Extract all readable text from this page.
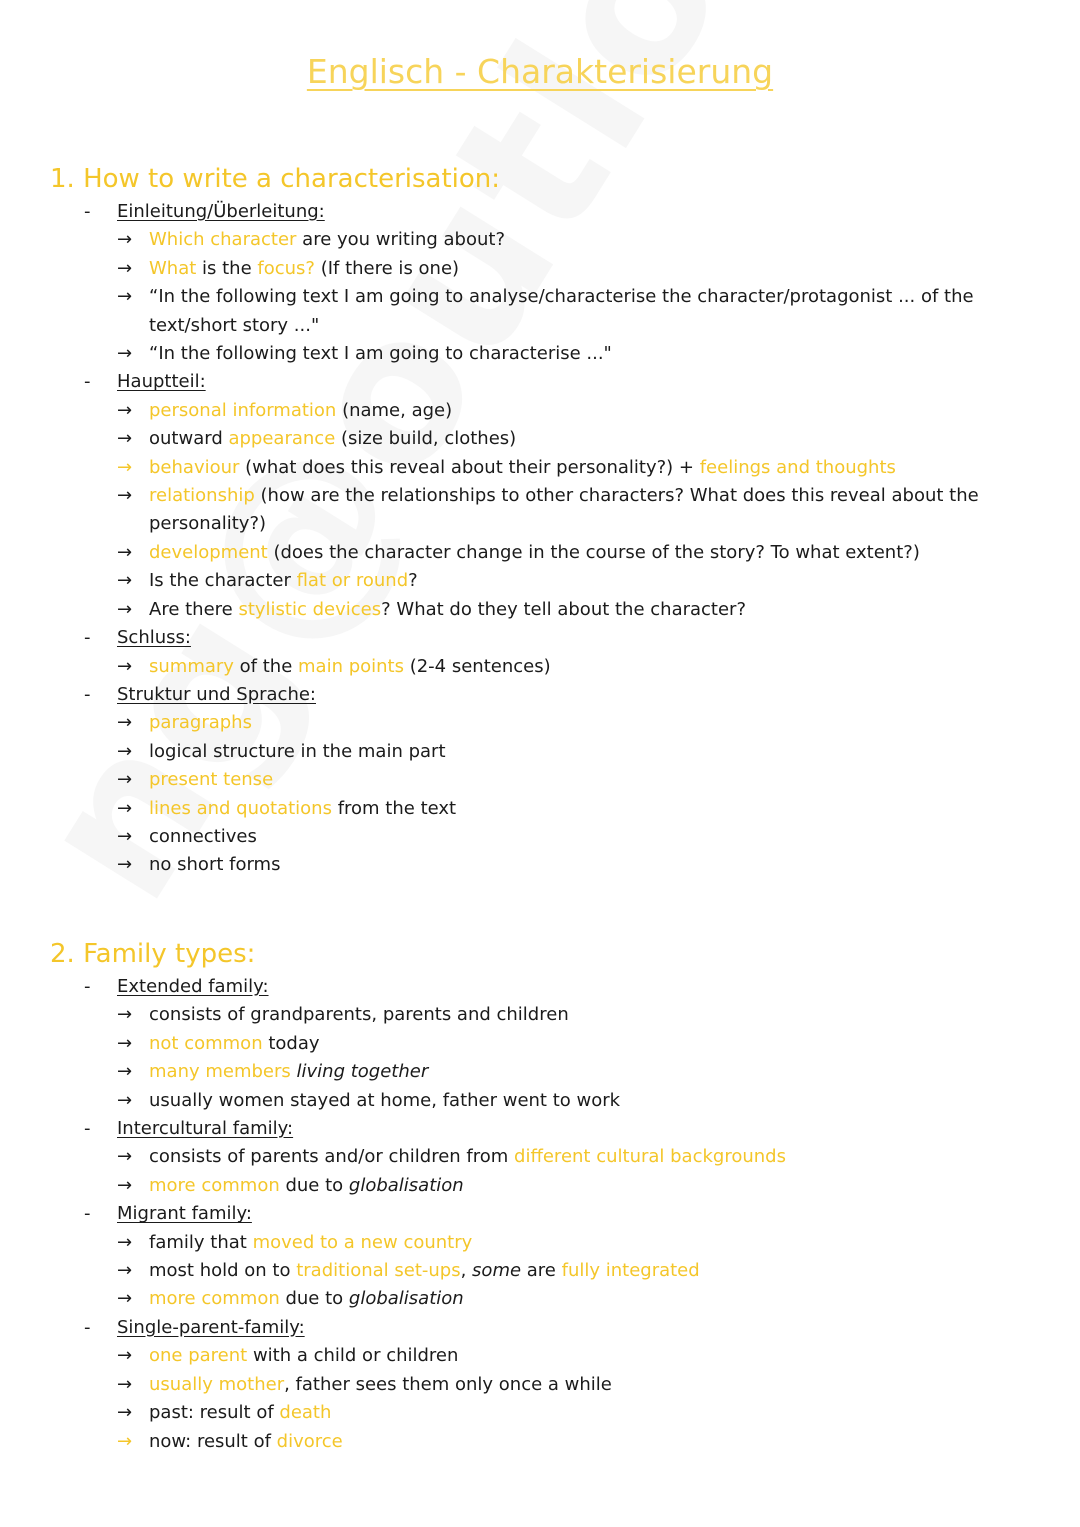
Englisch - Charakterisierung
1. How to write a characterisation:
- Einleitung/Überleitung:
→ Which character are you writing about?
→ What is the focus? (If there is one)
→ “In the following text I am going to analyse/characterise the character/protagonist ... of the text/short story ..."
→ “In the following text I am going to characterise ..."
- Hauptteil:
→ personal information (name, age)
→ outward appearance (size build, clothes)
→ behaviour (what does this reveal about their personality?) + feelings and thoughts
→ relationship (how are the relationships to other characters? What does this reveal about the personality?)
→ development (does the character change in the course of the story? To what extent?)
→ Is the character flat or round?
→ Are there stylistic devices? What do they tell about the character?
- Schluss:
→ summary of the main points (2-4 sentences)
- Struktur und Sprache:
→ paragraphs
→ logical structure in the main part
→ present tense
→ lines and quotations from the text
→ connectives
→ no short forms
2. Family types:
- Extended family:
→ consists of grandparents, parents and children
→ not common today
→ many members living together
→ usually women stayed at home, father went to work
- Intercultural family:
→ consists of parents and/or children from different cultural backgrounds
→ more common due to globalisation
- Migrant family:
→ family that moved to a new country
→ most hold on to traditional set-ups, some are fully integrated
→ more common due to globalisation
- Single-parent-family:
→ one parent with a child or children
→ usually mother, father sees them only once a while
→ past: result of death
→ now: result of divorce
